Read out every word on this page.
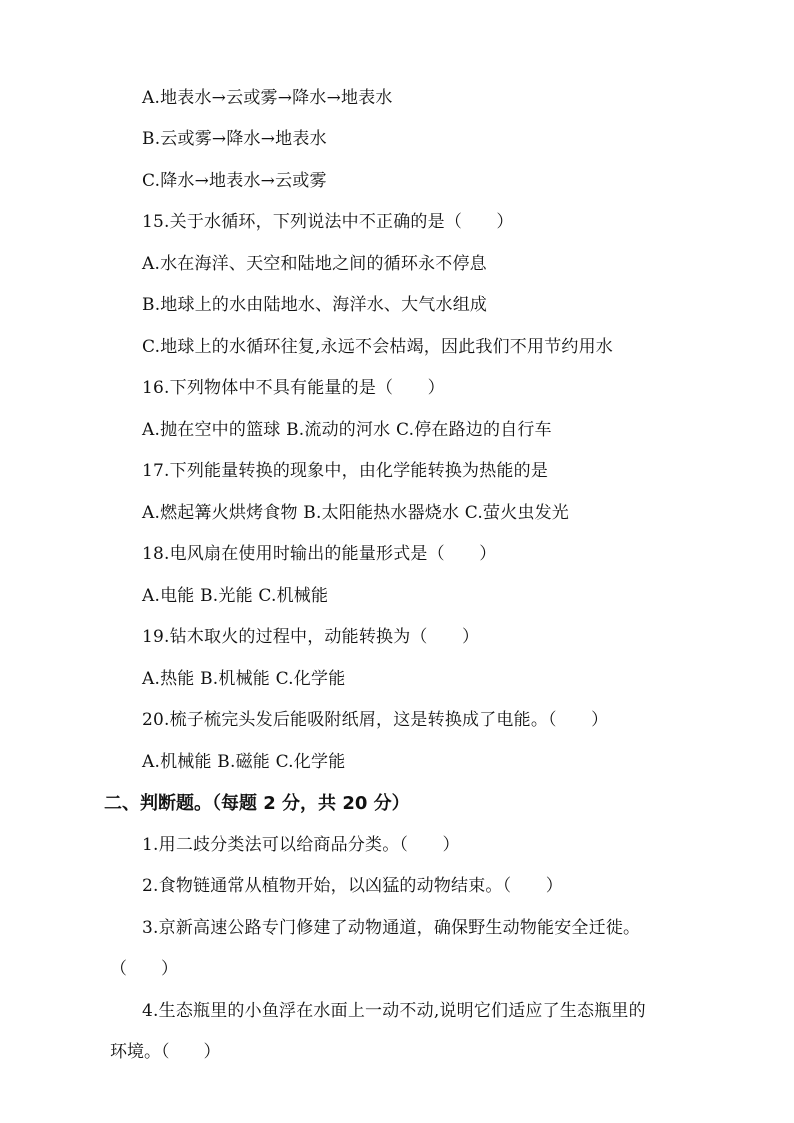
A.地表水→云或雾→降水→地表水
B.云或雾→降水→地表水
C.降水→地表水→云或雾
15.关于水循环，下列说法中不正确的是（　　）
A.水在海洋、天空和陆地之间的循环永不停息
B.地球上的水由陆地水、海洋水、大气水组成
C.地球上的水循环往复,永远不会枯竭，因此我们不用节约用水
16.下列物体中不具有能量的是（　　）
A.抛在空中的篮球 B.流动的河水 C.停在路边的自行车
17.下列能量转换的现象中，由化学能转换为热能的是
A.燃起篝火烘烤食物 B.太阳能热水器烧水 C.萤火虫发光
18.电风扇在使用时输出的能量形式是（　　）
A.电能 B.光能 C.机械能
19.钻木取火的过程中，动能转换为（　　）
A.热能 B.机械能 C.化学能
20.梳子梳完头发后能吸附纸屑，这是转换成了电能。（　　）
A.机械能 B.磁能 C.化学能
二、判断题。（每题 2 分，共 20 分）
1.用二歧分类法可以给商品分类。（　　）
2.食物链通常从植物开始，以凶猛的动物结束。（　　）
3.京新高速公路专门修建了动物通道，确保野生动物能安全迁徙。
（　　）
4.生态瓶里的小鱼浮在水面上一动不动,说明它们适应了生态瓶里的
环境。（　　）
